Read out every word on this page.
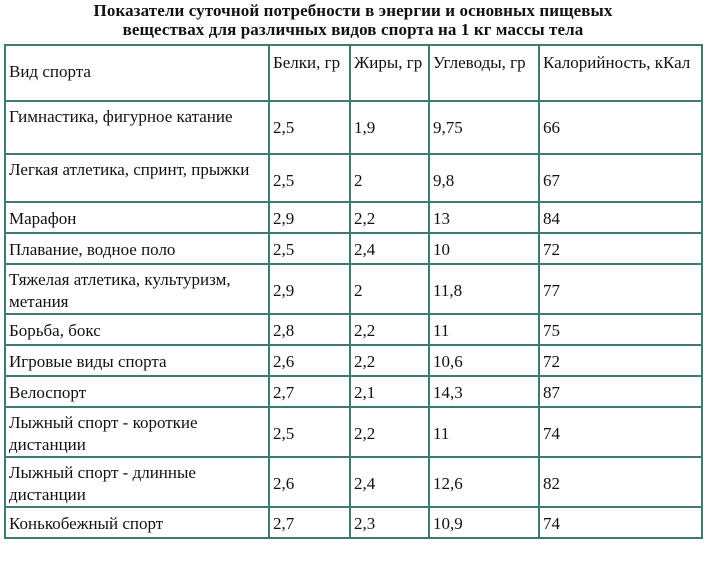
Показатели суточной потребности в энергии и основных пищевых
веществах для различных видов спорта на 1 кг массы тела
Вид спорта	Белки, гр	Жиры, гр	Углеводы, гр	Калорийность, кКал
Гимнастика, фигурное катание	2,5	1,9	9,75	66
Легкая атлетика, спринт, прыжки	2,5	2	9,8	67
Марафон	2,9	2,2	13	84
Плавание, водное поло	2,5	2,4	10	72
Тяжелая атлетика, культуризм, метания	2,9	2	11,8	77
Борьба, бокс	2,8	2,2	11	75
Игровые виды спорта	2,6	2,2	10,6	72
Велоспорт	2,7	2,1	14,3	87
Лыжный спорт - короткие дистанции	2,5	2,2	11	74
Лыжный спорт - длинные дистанции	2,6	2,4	12,6	82
Конькобежный спорт	2,7	2,3	10,9	74
